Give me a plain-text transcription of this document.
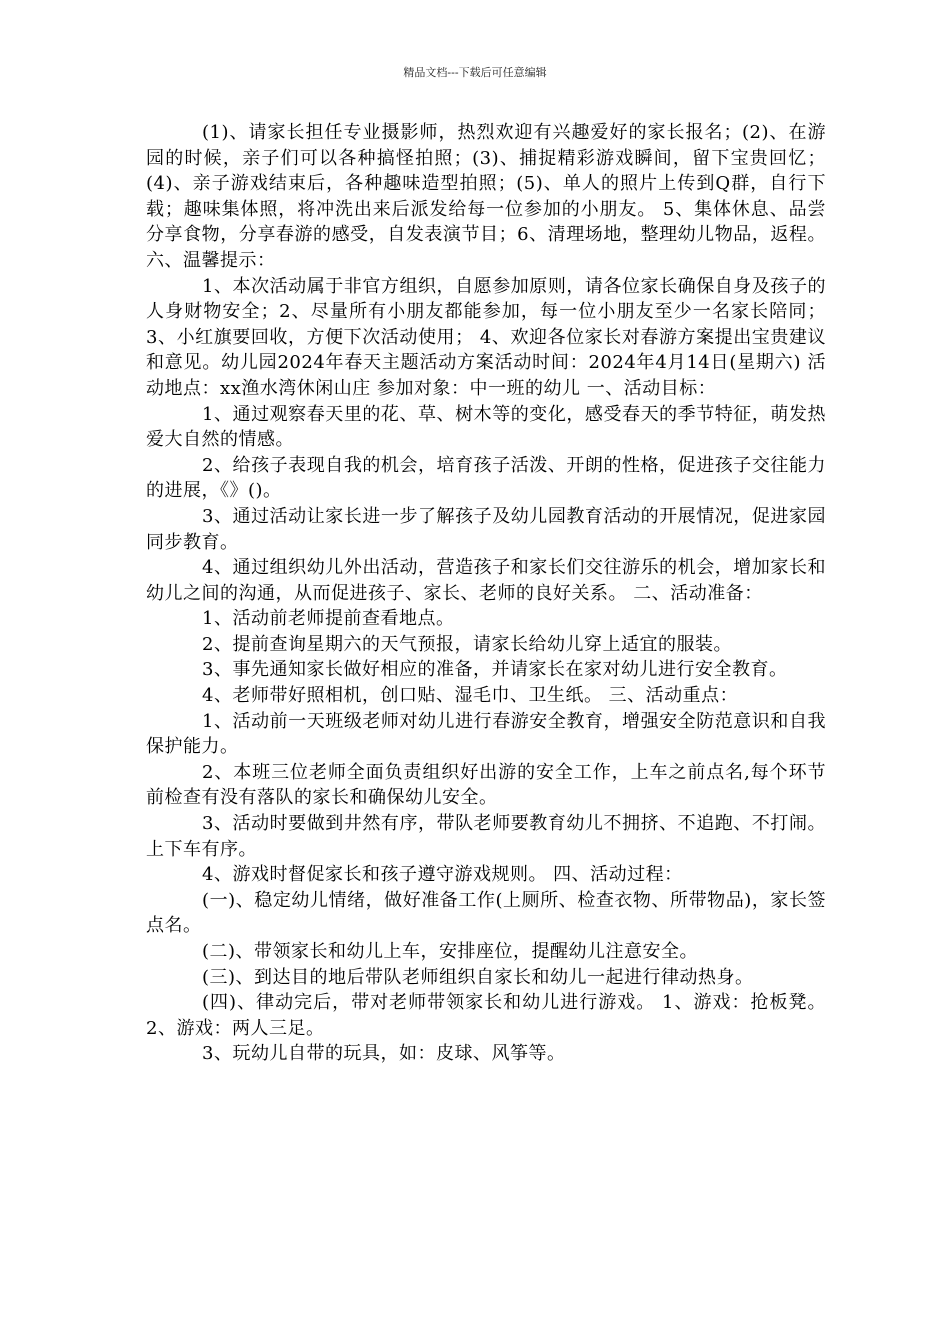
精品文档---下载后可任意编辑

(1)、请家长担任专业摄影师，热烈欢迎有兴趣爱好的家长报名；(2)、在游园的时候，亲子们可以各种搞怪拍照；(3)、捕捉精彩游戏瞬间，留下宝贵回忆；(4)、亲子游戏结束后，各种趣味造型拍照；(5)、单人的照片上传到Q群，自行下载；趣味集体照，将冲洗出来后派发给每一位参加的小朋友。 5、集体休息、品尝分享食物，分享春游的感受，自发表演节目；6、清理场地，整理幼儿物品，返程。 六、温馨提示：

1、本次活动属于非官方组织，自愿参加原则，请各位家长确保自身及孩子的人身财物安全；2、尽量所有小朋友都能参加，每一位小朋友至少一名家长陪同；3、小红旗要回收，方便下次活动使用； 4、欢迎各位家长对春游方案提出宝贵建议和意见。幼儿园2024年春天主题活动方案活动时间：2024年4月14日(星期六) 活动地点：xx渔水湾休闲山庄 参加对象：中一班的幼儿 一、活动目标：

1、通过观察春天里的花、草、树木等的变化，感受春天的季节特征，萌发热爱大自然的情感。

2、给孩子表现自我的机会，培育孩子活泼、开朗的性格，促进孩子交往能力的进展，《》()。

3、通过活动让家长进一步了解孩子及幼儿园教育活动的开展情况，促进家园同步教育。

4、通过组织幼儿外出活动，营造孩子和家长们交往游乐的机会，增加家长和幼儿之间的沟通，从而促进孩子、家长、老师的良好关系。 二、活动准备：

1、活动前老师提前查看地点。

2、提前查询星期六的天气预报，请家长给幼儿穿上适宜的服装。

3、事先通知家长做好相应的准备，并请家长在家对幼儿进行安全教育。

4、老师带好照相机，创口贴、湿毛巾、卫生纸。 三、活动重点：

1、活动前一天班级老师对幼儿进行春游安全教育，增强安全防范意识和自我保护能力。

2、本班三位老师全面负责组织好出游的安全工作，上车之前点名,每个环节前检查有没有落队的家长和确保幼儿安全。

3、活动时要做到井然有序，带队老师要教育幼儿不拥挤、不追跑、不打闹。上下车有序。

4、游戏时督促家长和孩子遵守游戏规则。 四、活动过程：

(一)、稳定幼儿情绪，做好准备工作(上厕所、检查衣物、所带物品)，家长签点名。

(二)、带领家长和幼儿上车，安排座位，提醒幼儿注意安全。

(三)、到达目的地后带队老师组织自家长和幼儿一起进行律动热身。

(四)、律动完后，带对老师带领家长和幼儿进行游戏。 1、游戏：抢板凳。 2、游戏：两人三足。

3、玩幼儿自带的玩具，如：皮球、风筝等。
